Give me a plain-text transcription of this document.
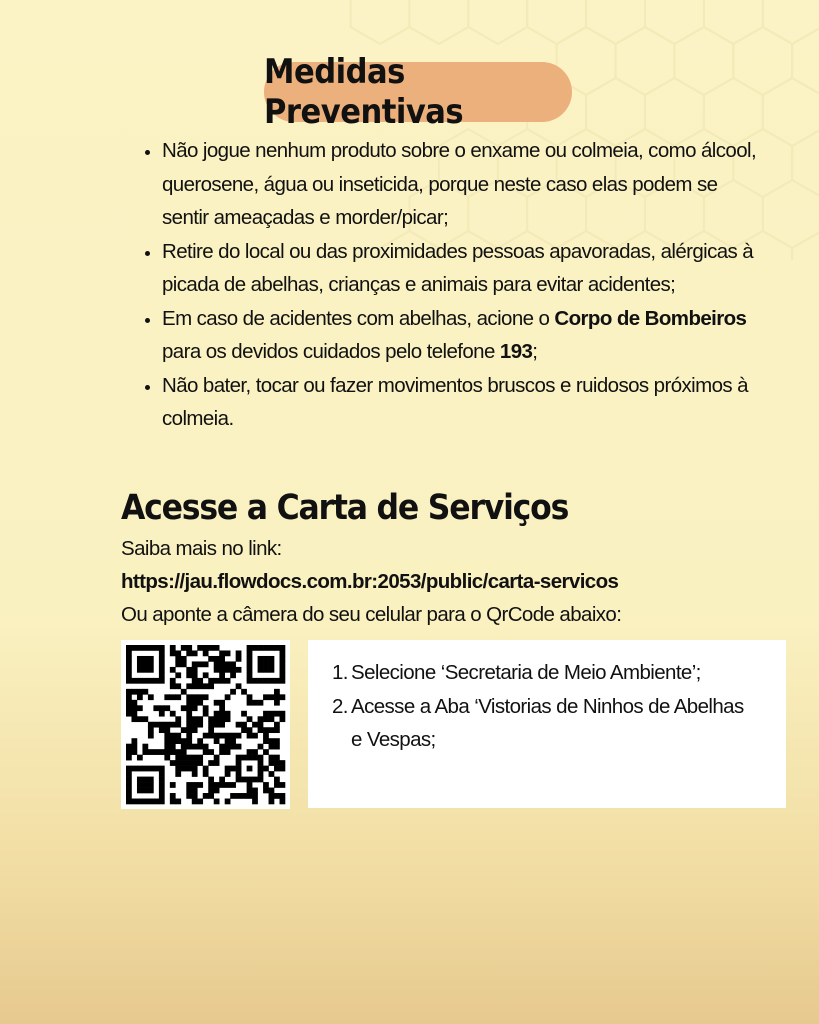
Medidas Preventivas
• Não jogue nenhum produto sobre o enxame ou colmeia, como álcool, querosene, água ou inseticida, porque neste caso elas podem se sentir ameaçadas e morder/picar;
• Retire do local ou das proximidades pessoas apavoradas, alérgicas à picada de abelhas, crianças e animais para evitar acidentes;
• Em caso de acidentes com abelhas, acione o Corpo de Bombeiros para os devidos cuidados pelo telefone 193;
• Não bater, tocar ou fazer movimentos bruscos e ruidosos próximos à colmeia.
Acesse a Carta de Serviços
Saiba mais no link:
https://jau.flowdocs.com.br:2053/public/carta-servicos
Ou aponte a câmera do seu celular para o QrCode abaixo:
1. Selecione ‘Secretaria de Meio Ambiente’;
2. Acesse a Aba ‘Vistorias de Ninhos de Abelhas e Vespas;
